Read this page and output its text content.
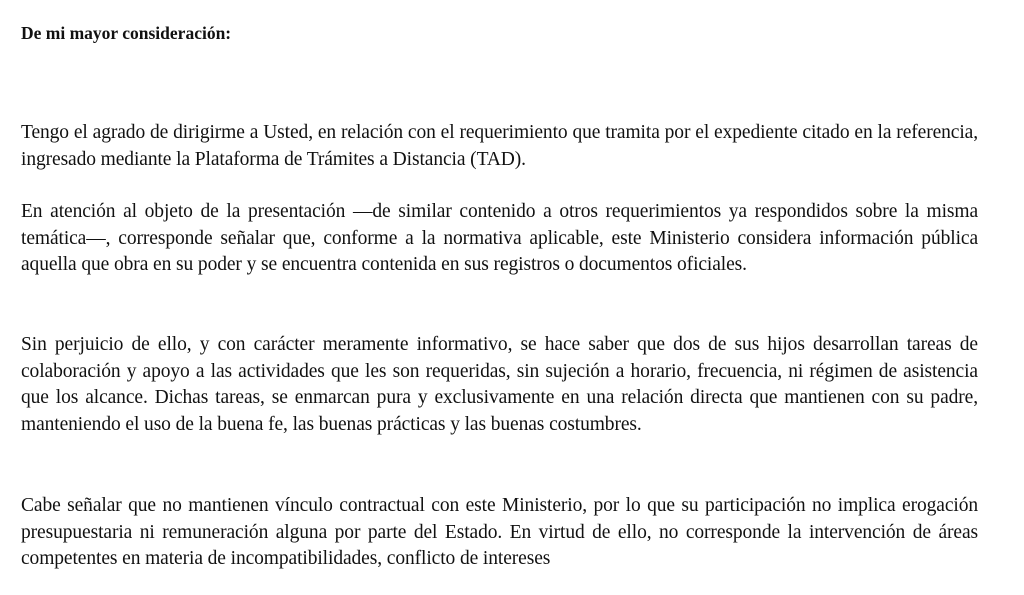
De mi mayor consideración:

Tengo el agrado de dirigirme a Usted, en relación con el requerimiento que tramita por el expediente citado en la referencia, ingresado mediante la Plataforma de Trámites a Distancia (TAD).

En atención al objeto de la presentación —de similar contenido a otros requerimientos ya respondidos sobre la misma temática—, corresponde señalar que, conforme a la normativa aplicable, este Ministerio considera información pública aquella que obra en su poder y se encuentra contenida en sus registros o documentos oficiales.

Sin perjuicio de ello, y con carácter meramente informativo, se hace saber que dos de sus hijos desarrollan tareas de colaboración y apoyo a las actividades que les son requeridas, sin sujeción a horario, frecuencia, ni régimen de asistencia que los alcance. Dichas tareas, se enmarcan pura y exclusivamente en una relación directa que mantienen con su padre, manteniendo el uso de la buena fe, las buenas prácticas y las buenas costumbres.

Cabe señalar que no mantienen vínculo contractual con este Ministerio, por lo que su participación no implica erogación presupuestaria ni remuneración alguna por parte del Estado. En virtud de ello, no corresponde la intervención de áreas competentes en materia de incompatibilidades, conflicto de intereses
